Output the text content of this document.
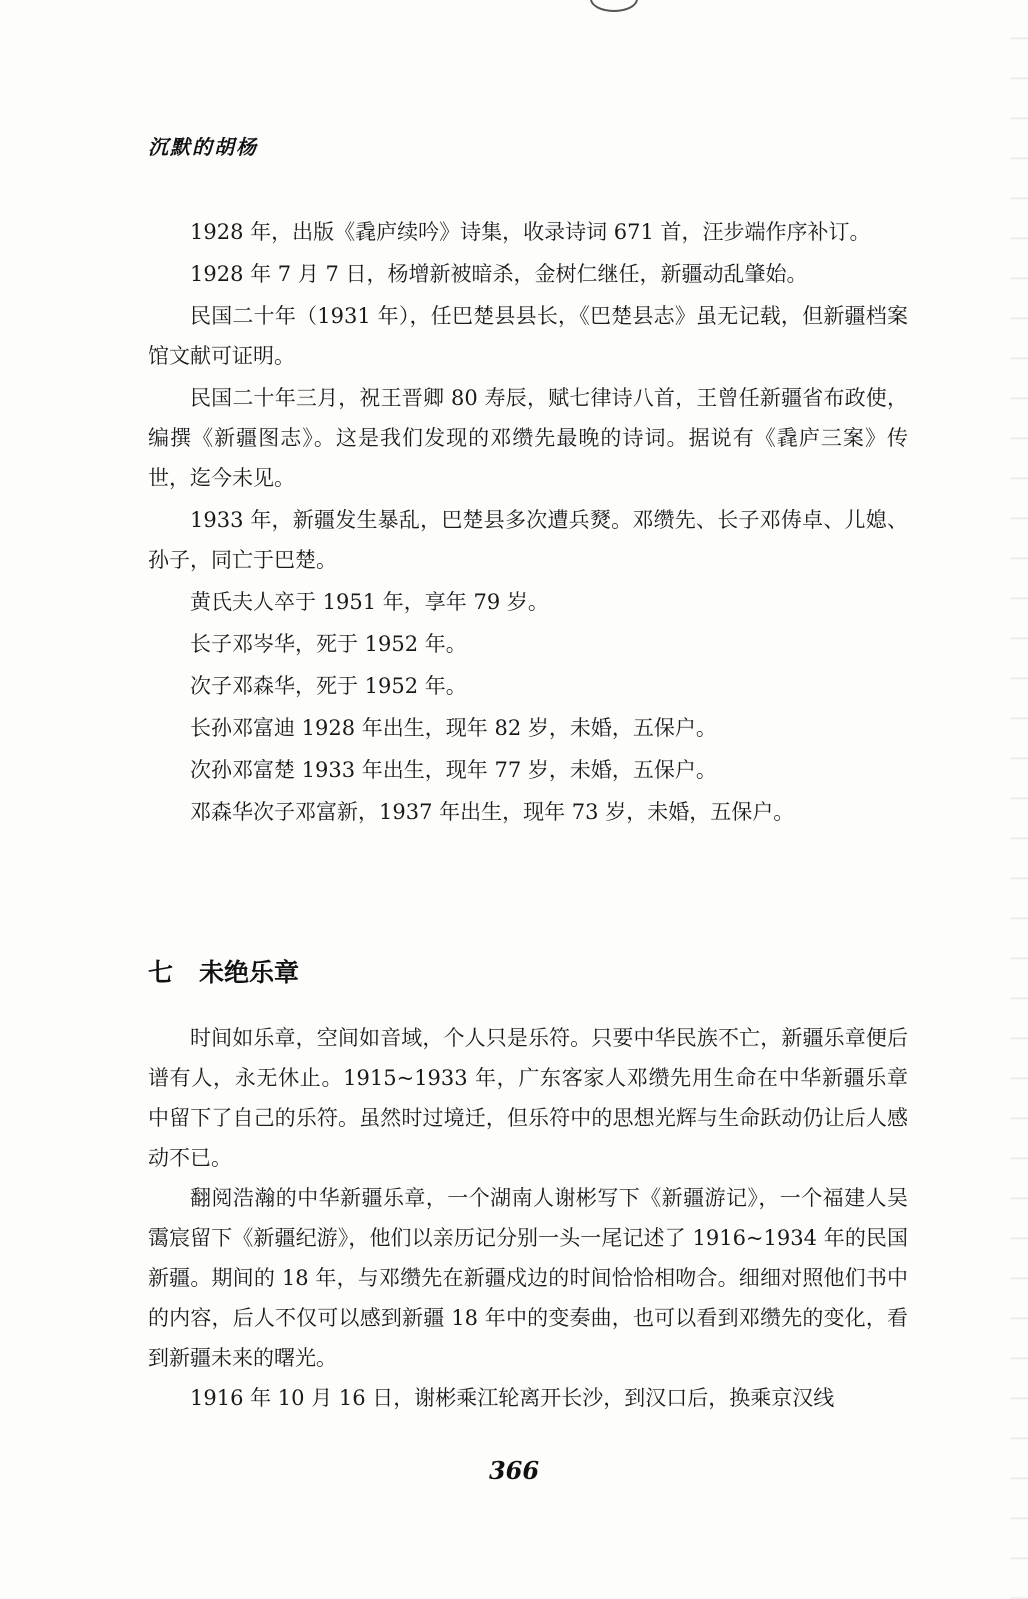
沉默的胡杨

1928 年，出版《毳庐续吟》诗集，收录诗词 671 首，汪步端作序补订。

1928 年 7 月 7 日，杨增新被暗杀，金树仁继任，新疆动乱肇始。

民国二十年（1931 年），任巴楚县县长，《巴楚县志》虽无记载，但新疆档案馆文献可证明。

民国二十年三月，祝王晋卿 80 寿辰，赋七律诗八首，王曾任新疆省布政使，编撰《新疆图志》。这是我们发现的邓缵先最晚的诗词。据说有《毳庐三案》传世，迄今未见。

1933 年，新疆发生暴乱，巴楚县多次遭兵燹。邓缵先、长子邓俦卓、儿媳、孙子，同亡于巴楚。

黄氏夫人卒于 1951 年，享年 79 岁。

长子邓岑华，死于 1952 年。

次子邓森华，死于 1952 年。

长孙邓富迪 1928 年出生，现年 82 岁，未婚，五保户。

次孙邓富楚 1933 年出生，现年 77 岁，未婚，五保户。

邓森华次子邓富新，1937 年出生，现年 73 岁，未婚，五保户。

七 未绝乐章

时间如乐章，空间如音域，个人只是乐符。只要中华民族不亡，新疆乐章便后谱有人，永无休止。1915~1933 年，广东客家人邓缵先用生命在中华新疆乐章中留下了自己的乐符。虽然时过境迁，但乐符中的思想光辉与生命跃动仍让后人感动不已。

翻阅浩瀚的中华新疆乐章，一个湖南人谢彬写下《新疆游记》，一个福建人吴霭宸留下《新疆纪游》，他们以亲历记分别一头一尾记述了 1916~1934 年的民国新疆。期间的 18 年，与邓缵先在新疆戍边的时间恰恰相吻合。细细对照他们书中的内容，后人不仅可以感到新疆 18 年中的变奏曲，也可以看到邓缵先的变化，看到新疆未来的曙光。

1916 年 10 月 16 日，谢彬乘江轮离开长沙，到汉口后，换乘京汉线

366
